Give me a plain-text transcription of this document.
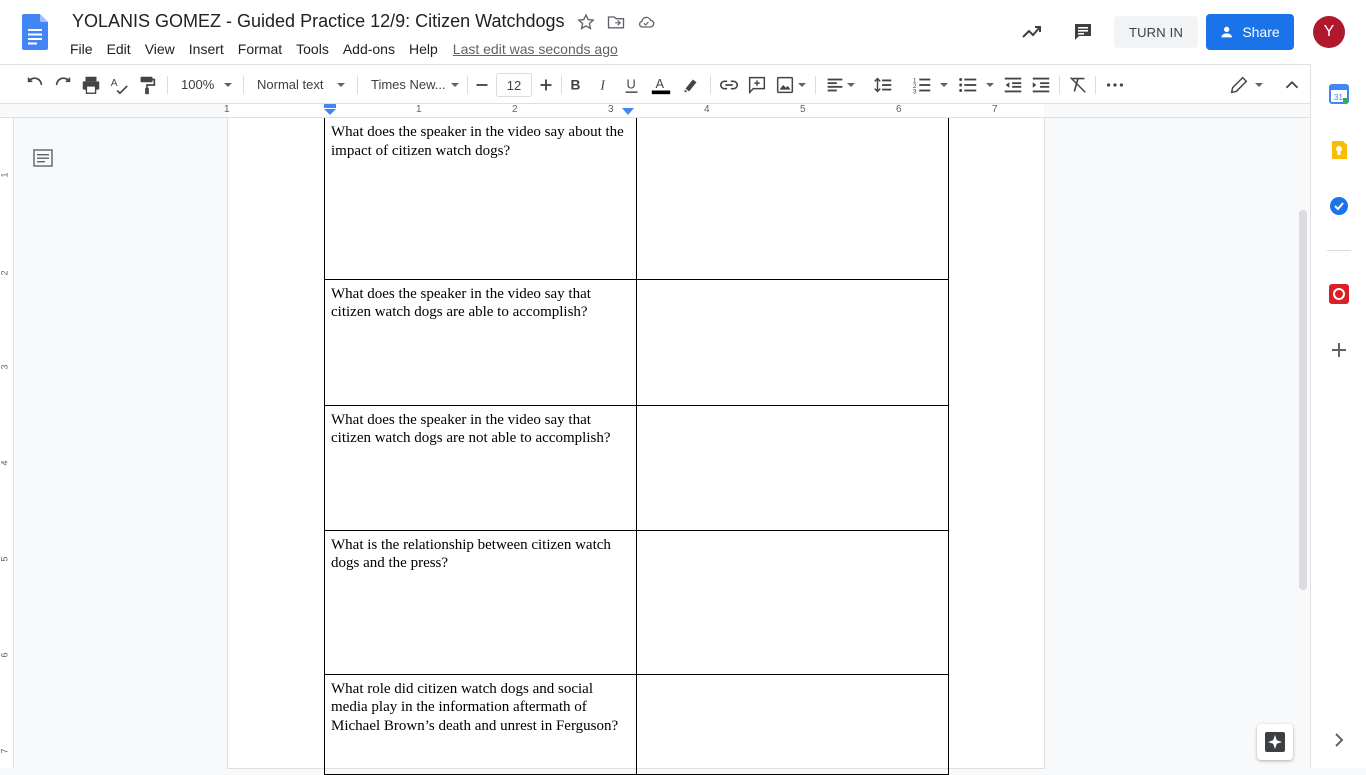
YOLANIS GOMEZ - Guided Practice 12/9: Citizen Watchdogs
File	Edit	View	Insert	Format	Tools	Add-ons	Help	Last edit was seconds ago
TURN IN	Share	Y
A	100%	Normal text	Times New...	12	B I U A	1
2
3
1	1	2	3	4	5	6	7
1
2
3
4
5
6
7
What does the speaker in the video say about the impact of citizen watch dogs?	
What does the speaker in the video say that citizen watch dogs are able to accomplish?	
What does the speaker in the video say that citizen watch dogs are not able to accomplish?	
What is the relationship between citizen watch dogs and the press?	
What role did citizen watch dogs and social media play in the information aftermath of Michael Brown’s death and unrest in Ferguson?	
31
